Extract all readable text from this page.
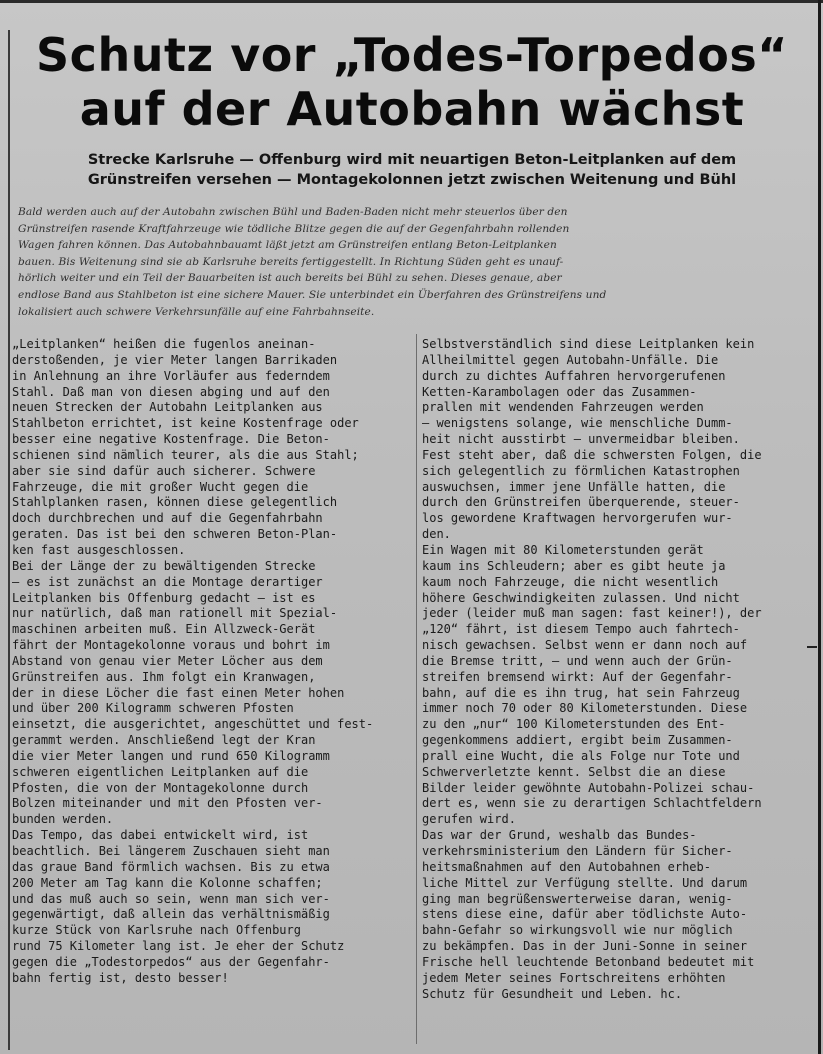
Schutz vor „Todes-Torpedos“
auf der Autobahn wächst
Strecke Karlsruhe — Offenburg wird mit neuartigen Beton-Leitplanken auf dem
Grünstreifen versehen — Montagekolonnen jetzt zwischen Weitenung und Bühl
Bald werden auch auf der Autobahn zwischen Bühl und Baden-Baden nicht mehr steuerlos über den
Grünstreifen rasende Kraftfahrzeuge wie tödliche Blitze gegen die auf der Gegenfahrbahn rollenden
Wagen fahren können. Das Autobahnbauamt läßt jetzt am Grünstreifen entlang Beton-Leitplanken
bauen. Bis Weitenung sind sie ab Karlsruhe bereits fertiggestellt. In Richtung Süden geht es unauf-
hörlich weiter und ein Teil der Bauarbeiten ist auch bereits bei Bühl zu sehen. Dieses genaue, aber
endlose Band aus Stahlbeton ist eine sichere Mauer. Sie unterbindet ein Überfahren des Grünstreifens und
lokalisiert auch schwere Verkehrsunfälle auf eine Fahrbahnseite.

„Leitplanken“ heißen die fugenlos aneinan-
derstoßenden, je vier Meter langen Barrikaden
in Anlehnung an ihre Vorläufer aus federndem
Stahl. Daß man von diesen abging und auf den
neuen Strecken der Autobahn Leitplanken aus
Stahlbeton errichtet, ist keine Kostenfrage oder
besser eine negative Kostenfrage. Die Beton-
schienen sind nämlich teurer, als die aus Stahl;
aber sie sind dafür auch sicherer. Schwere
Fahrzeuge, die mit großer Wucht gegen die
Stahlplanken rasen, können diese gelegentlich
doch durchbrechen und auf die Gegenfahrbahn
geraten. Das ist bei den schweren Beton-Plan-
ken fast ausgeschlossen.

Bei der Länge der zu bewältigenden Strecke
— es ist zunächst an die Montage derartiger
Leitplanken bis Offenburg gedacht — ist es
nur natürlich, daß man rationell mit Spezial-
maschinen arbeiten muß. Ein Allzweck-Gerät
fährt der Montagekolonne voraus und bohrt im
Abstand von genau vier Meter Löcher aus dem
Grünstreifen aus. Ihm folgt ein Kranwagen,
der in diese Löcher die fast einen Meter hohen
und über 200 Kilogramm schweren Pfosten
einsetzt, die ausgerichtet, angeschüttet und fest-
gerammt werden. Anschließend legt der Kran
die vier Meter langen und rund 650 Kilogramm
schweren eigentlichen Leitplanken auf die
Pfosten, die von der Montagekolonne durch
Bolzen miteinander und mit den Pfosten ver-
bunden werden.

Das Tempo, das dabei entwickelt wird, ist
beachtlich. Bei längerem Zuschauen sieht man
das graue Band förmlich wachsen. Bis zu etwa
200 Meter am Tag kann die Kolonne schaffen;
und das muß auch so sein, wenn man sich ver-
gegenwärtigt, daß allein das verhältnismäßig
kurze Stück von Karlsruhe nach Offenburg
rund 75 Kilometer lang ist. Je eher der Schutz
gegen die „Todestorpedos“ aus der Gegenfahr-
bahn fertig ist, desto besser!

Selbstverständlich sind diese Leitplanken kein
Allheilmittel gegen Autobahn-Unfälle. Die
durch zu dichtes Auffahren hervorgerufenen
Ketten-Karambolagen oder das Zusammen-
prallen mit wendenden Fahrzeugen werden
— wenigstens solange, wie menschliche Dumm-
heit nicht ausstirbt — unvermeidbar bleiben.
Fest steht aber, daß die schwersten Folgen, die
sich gelegentlich zu förmlichen Katastrophen
auswuchsen, immer jene Unfälle hatten, die
durch den Grünstreifen überquerende, steuer-
los gewordene Kraftwagen hervorgerufen wur-
den.

Ein Wagen mit 80 Kilometerstunden gerät
kaum ins Schleudern; aber es gibt heute ja
kaum noch Fahrzeuge, die nicht wesentlich
höhere Geschwindigkeiten zulassen. Und nicht
jeder (leider muß man sagen: fast keiner!), der
„120“ fährt, ist diesem Tempo auch fahrtech-
nisch gewachsen. Selbst wenn er dann noch auf
die Bremse tritt, — und wenn auch der Grün-
streifen bremsend wirkt: Auf der Gegenfahr-
bahn, auf die es ihn trug, hat sein Fahrzeug
immer noch 70 oder 80 Kilometerstunden. Diese
zu den „nur“ 100 Kilometerstunden des Ent-
gegenkommens addiert, ergibt beim Zusammen-
prall eine Wucht, die als Folge nur Tote und
Schwerverletzte kennt. Selbst die an diese
Bilder leider gewöhnte Autobahn-Polizei schau-
dert es, wenn sie zu derartigen Schlachtfeldern
gerufen wird.

Das war der Grund, weshalb das Bundes-
verkehrsministerium den Ländern für Sicher-
heitsmaßnahmen auf den Autobahnen erheb-
liche Mittel zur Verfügung stellte. Und darum
ging man begrüßenswerterweise daran, wenig-
stens diese eine, dafür aber tödlichste Auto-
bahn-Gefahr so wirkungsvoll wie nur möglich
zu bekämpfen. Das in der Juni-Sonne in seiner
Frische hell leuchtende Betonband bedeutet mit
jedem Meter seines Fortschreitens erhöhten
Schutz für Gesundheit und Leben. hc.
